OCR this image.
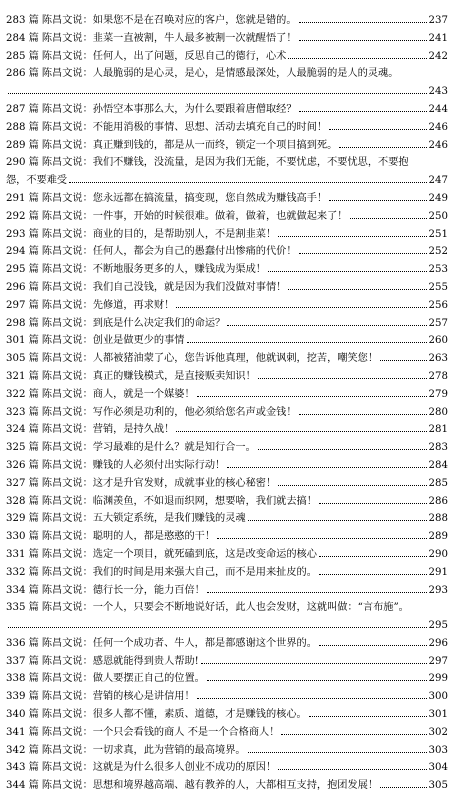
283 篇 陈昌文说：如果您不是在召唤对应的客户，您就是错的。	237
284 篇 陈昌文说：韭菜一直被割，牛人最多被割一次就醒悟了！	241
285 篇 陈昌文说：任何人，出了问题，反思自己的德行，心术	242
286 篇 陈昌文说：人最脆弱的是心灵，是心，是情感最深处，人最脆弱的是人的灵魂。
243
287 篇 陈昌文说：孙悟空本事那么大，为什么要跟着唐僧取经？	244
288 篇 陈昌文说：不能用消极的事情、思想、活动去填充自己的时间！	246
289 篇 陈昌文说：真正赚到钱的，都是从一而终，锁定一个项目搞到死。	246
290 篇 陈昌文说：我们不赚钱，没流量，是因为我们无能，不要忧虑，不要忧思，不要抱
怨，不要难受	247
291 篇 陈昌文说：您永远都在搞流量，搞变现，您自然成为赚钱高手！	249
292 篇 陈昌文说：一件事，开始的时候很难。做着，做着，也就做起来了！	250
293 篇 陈昌文说：商业的目的，是帮助别人，不是割韭菜！	251
294 篇 陈昌文说：任何人，都会为自己的愚蠢付出惨痛的代价！	252
295 篇 陈昌文说：不断地服务更多的人，赚钱成为渠成！	253
296 篇 陈昌文说：我们自己没钱，就是因为我们没做对事情！	255
297 篇 陈昌文说：先修道，再求财！	256
298 篇 陈昌文说：到底是什么决定我们的命运？	257
301 篇 陈昌文说：创业是做更少的事情	260
305 篇 陈昌文说：人都被猪油蒙了心，您告诉他真理，他就讽刺，挖苦，嘲笑您！	263
321 篇 陈昌文说：真正的赚钱模式，是直接贩卖知识！	278
322 篇 陈昌文说：商人，就是一个媒婆！	279
323 篇 陈昌文说：写作必须是功利的，他必须给您名声或金钱！	280
324 篇 陈昌文说：营销，是持久战！	281
325 篇 陈昌文说：学习最难的是什么？就是知行合一。	283
326 篇 陈昌文说：赚钱的人必须付出实际行动！	284
327 篇 陈昌文说：这才是升官发财，成就事业的核心秘密！	285
328 篇 陈昌文说：临渊羡鱼，不如退而织网，想要啥，我们就去搞！	286
329 篇 陈昌文说：五大锁定系统，是我们赚钱的灵魂	288
330 篇 陈昌文说：聪明的人，都是憨憨的干！	289
331 篇 陈昌文说：选定一个项目，就死磕到底，这是改变命运的核心	290
332 篇 陈昌文说：我们的时间是用来强大自己，而不是用来扯皮的。	291
334 篇 陈昌文说：德行长一分，能力百倍！	293
335 篇 陈昌文说：一个人，只要会不断地说好话，此人也会发财，这就叫做：“言布施”。
295
336 篇 陈昌文说：任何一个成功者、牛人，都是都感谢这个世界的。	296
337 篇 陈昌文说：感恩就能得到贵人帮助!	297
338 篇 陈昌文说：做人要摆正自己的位置。	299
339 篇 陈昌文说：营销的核心是讲信用！	300
340 篇 陈昌文说：很多人都不懂，素质、道德，才是赚钱的核心。	301
341 篇 陈昌文说：一个只会看钱的商人 不是一个合格商人！	302
342 篇 陈昌文说：一切求真，此为营销的最高境界。	303
343 篇 陈昌文说：这就是为什么很多人创业不成功的原因！	304
344 篇 陈昌文说：思想和境界越高端、越有教养的人，大都相互支持，抱团发展！	305
